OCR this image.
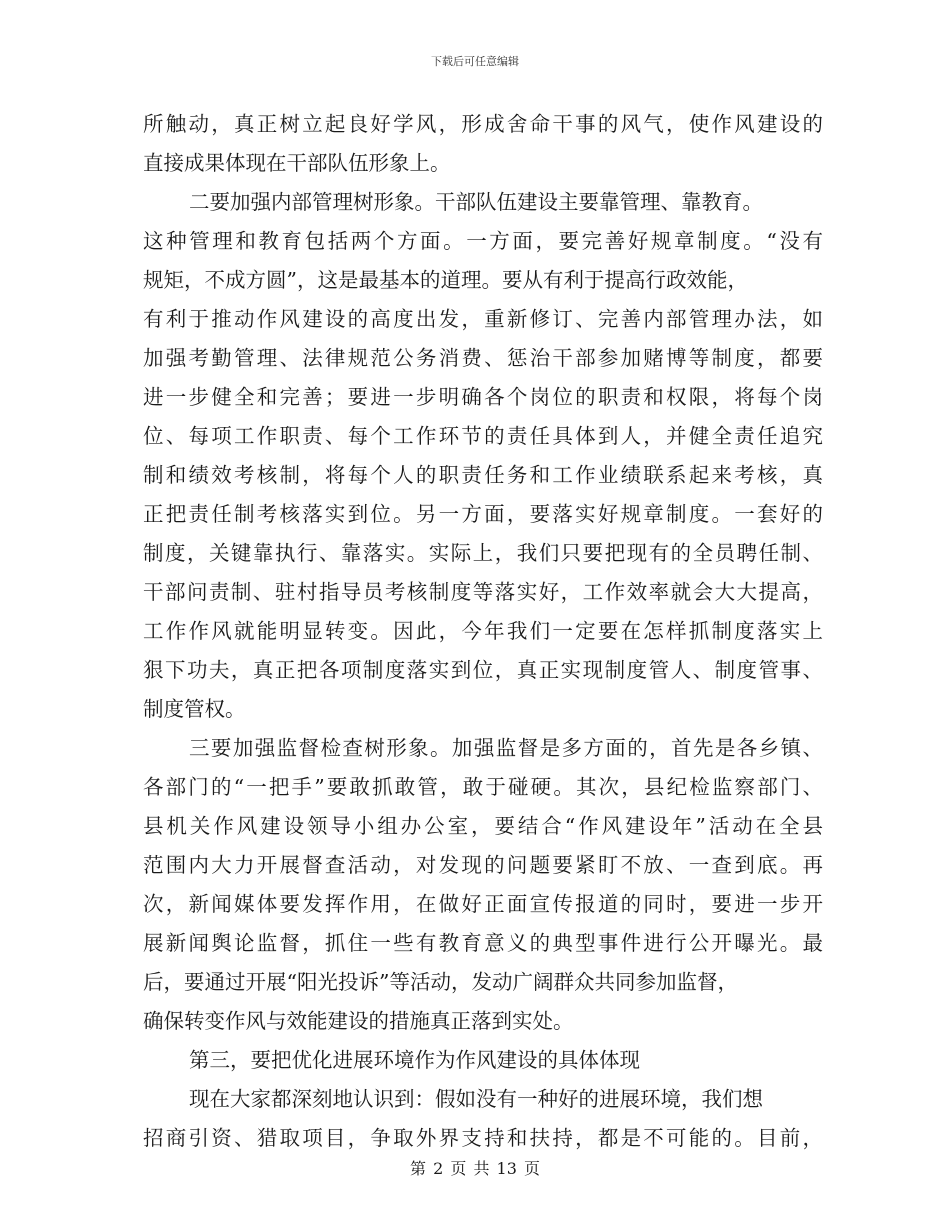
下载后可任意编辑
所触动，真正树立起良好学风，形成舍命干事的风气，使作风建设的
直接成果体现在干部队伍形象上。
二要加强内部管理树形象。干部队伍建设主要靠管理、靠教育。
这种管理和教育包括两个方面。一方面，要完善好规章制度。“没有
规矩，不成方圆”，这是最基本的道理。要从有利于提高行政效能，
有利于推动作风建设的高度出发，重新修订、完善内部管理办法，如
加强考勤管理、法律规范公务消费、惩治干部参加赌博等制度，都要
进一步健全和完善；要进一步明确各个岗位的职责和权限，将每个岗
位、每项工作职责、每个工作环节的责任具体到人，并健全责任追究
制和绩效考核制，将每个人的职责任务和工作业绩联系起来考核，真
正把责任制考核落实到位。另一方面，要落实好规章制度。一套好的
制度，关键靠执行、靠落实。实际上，我们只要把现有的全员聘任制、
干部问责制、驻村指导员考核制度等落实好，工作效率就会大大提高，
工作作风就能明显转变。因此，今年我们一定要在怎样抓制度落实上
狠下功夫，真正把各项制度落实到位，真正实现制度管人、制度管事、
制度管权。
三要加强监督检查树形象。加强监督是多方面的，首先是各乡镇、
各部门的“一把手”要敢抓敢管，敢于碰硬。其次，县纪检监察部门、
县机关作风建设领导小组办公室，要结合“作风建设年”活动在全县
范围内大力开展督查活动，对发现的问题要紧盯不放、一查到底。再
次，新闻媒体要发挥作用，在做好正面宣传报道的同时，要进一步开
展新闻舆论监督，抓住一些有教育意义的典型事件进行公开曝光。最
后，要通过开展“阳光投诉”等活动，发动广阔群众共同参加监督，
确保转变作风与效能建设的措施真正落到实处。
第三，要把优化进展环境作为作风建设的具体体现
现在大家都深刻地认识到：假如没有一种好的进展环境，我们想
招商引资、猎取项目，争取外界支持和扶持，都是不可能的。目前，
第 2 页 共 13 页
